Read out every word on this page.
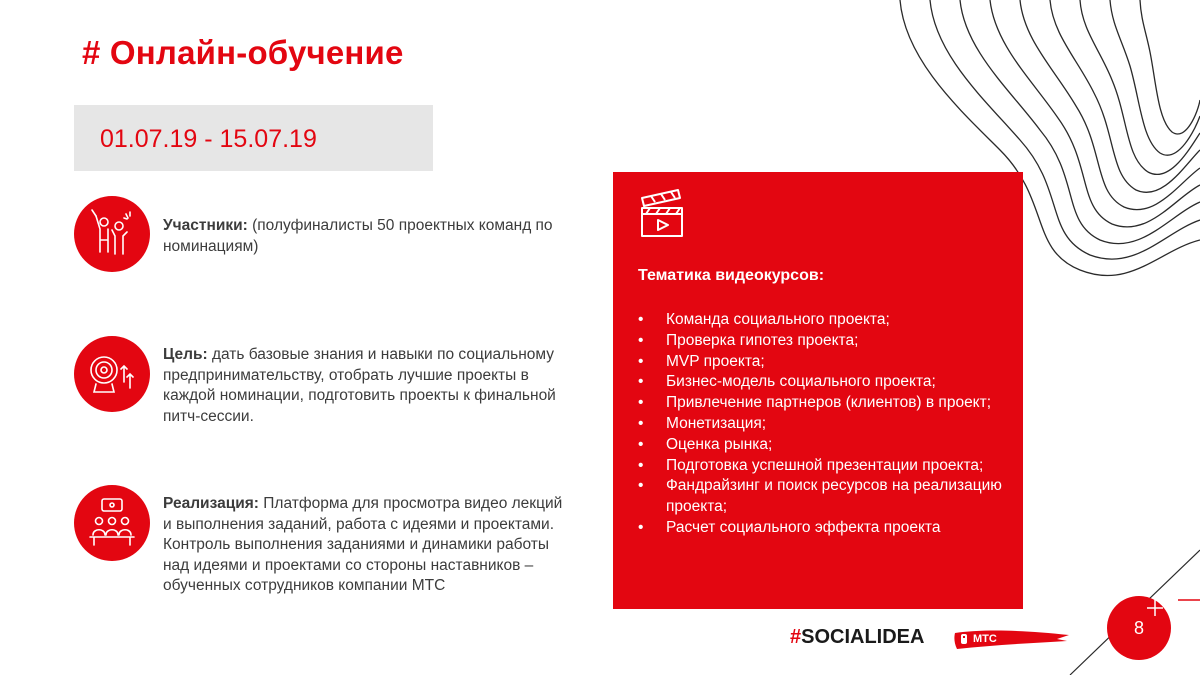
# Онлайн-обучение
01.07.19 - 15.07.19
Участники: (полуфиналисты 50 проектных команд по номинациям)
Цель: дать базовые знания и навыки по социальному предпринимательству, отобрать лучшие проекты в каждой номинации, подготовить проекты к финальной питч-сессии.
Реализация: Платформа для просмотра видео лекций и выполнения заданий, работа с идеями и проектами. Контроль выполнения заданиями и динамики работы над идеями и проектами со стороны наставников – обученных сотрудников компании МТС
Тематика видеокурсов:
• Команда социального проекта;
• Проверка гипотез проекта;
• MVP проекта;
• Бизнес-модель социального проекта;
• Привлечение партнеров (клиентов) в проект;
• Монетизация;
• Оценка рынка;
• Подготовка успешной презентации проекта;
• Фандрайзинг и поиск ресурсов на реализацию проекта;
• Расчет социального эффекта проекта
#SOCIALIDEA	МТС
8
